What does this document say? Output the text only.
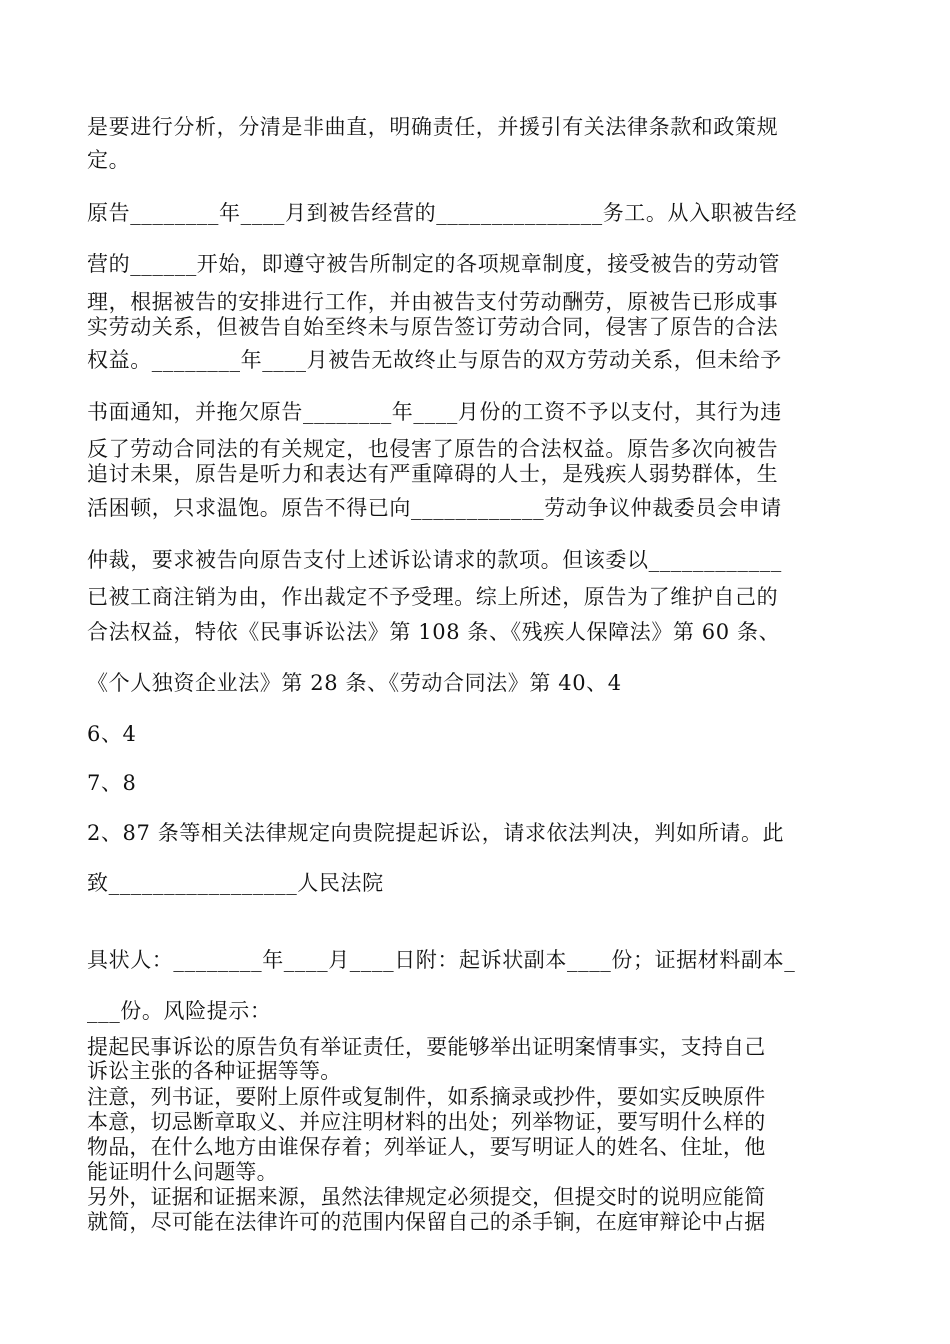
是要进行分析，分清是非曲直，明确责任，并援引有关法律条款和政策规
定。
原告________年____月到被告经营的_______________务工。从入职被告经
营的______开始，即遵守被告所制定的各项规章制度，接受被告的劳动管
理，根据被告的安排进行工作，并由被告支付劳动酬劳，原被告已形成事
实劳动关系，但被告自始至终未与原告签订劳动合同，侵害了原告的合法
权益。________年____月被告无故终止与原告的双方劳动关系，但未给予
书面通知，并拖欠原告________年____月份的工资不予以支付，其行为违
反了劳动合同法的有关规定，也侵害了原告的合法权益。原告多次向被告
追讨未果，原告是听力和表达有严重障碍的人士，是残疾人弱势群体，生
活困顿，只求温饱。原告不得已向____________劳动争议仲裁委员会申请
仲裁，要求被告向原告支付上述诉讼请求的款项。但该委以____________
已被工商注销为由，作出裁定不予受理。综上所述，原告为了维护自己的
合法权益，特依《民事诉讼法》第 108 条、《残疾人保障法》第 60 条、
《个人独资企业法》第 28 条、《劳动合同法》第 40、4
6、4
7、8
2、87 条等相关法律规定向贵院提起诉讼，请求依法判决，判如所请。此
致_________________人民法院
具状人：________年____月____日附：起诉状副本____份；证据材料副本_
___份。风险提示：
提起民事诉讼的原告负有举证责任，要能够举出证明案情事实，支持自己
诉讼主张的各种证据等等。
注意，列书证，要附上原件或复制件，如系摘录或抄件，要如实反映原件
本意，切忌断章取义、并应注明材料的出处；列举物证，要写明什么样的
物品，在什么地方由谁保存着；列举证人，要写明证人的姓名、住址，他
能证明什么问题等。
另外，证据和证据来源，虽然法律规定必须提交，但提交时的说明应能简
就简，尽可能在法律许可的范围内保留自己的杀手锏，在庭审辩论中占据
